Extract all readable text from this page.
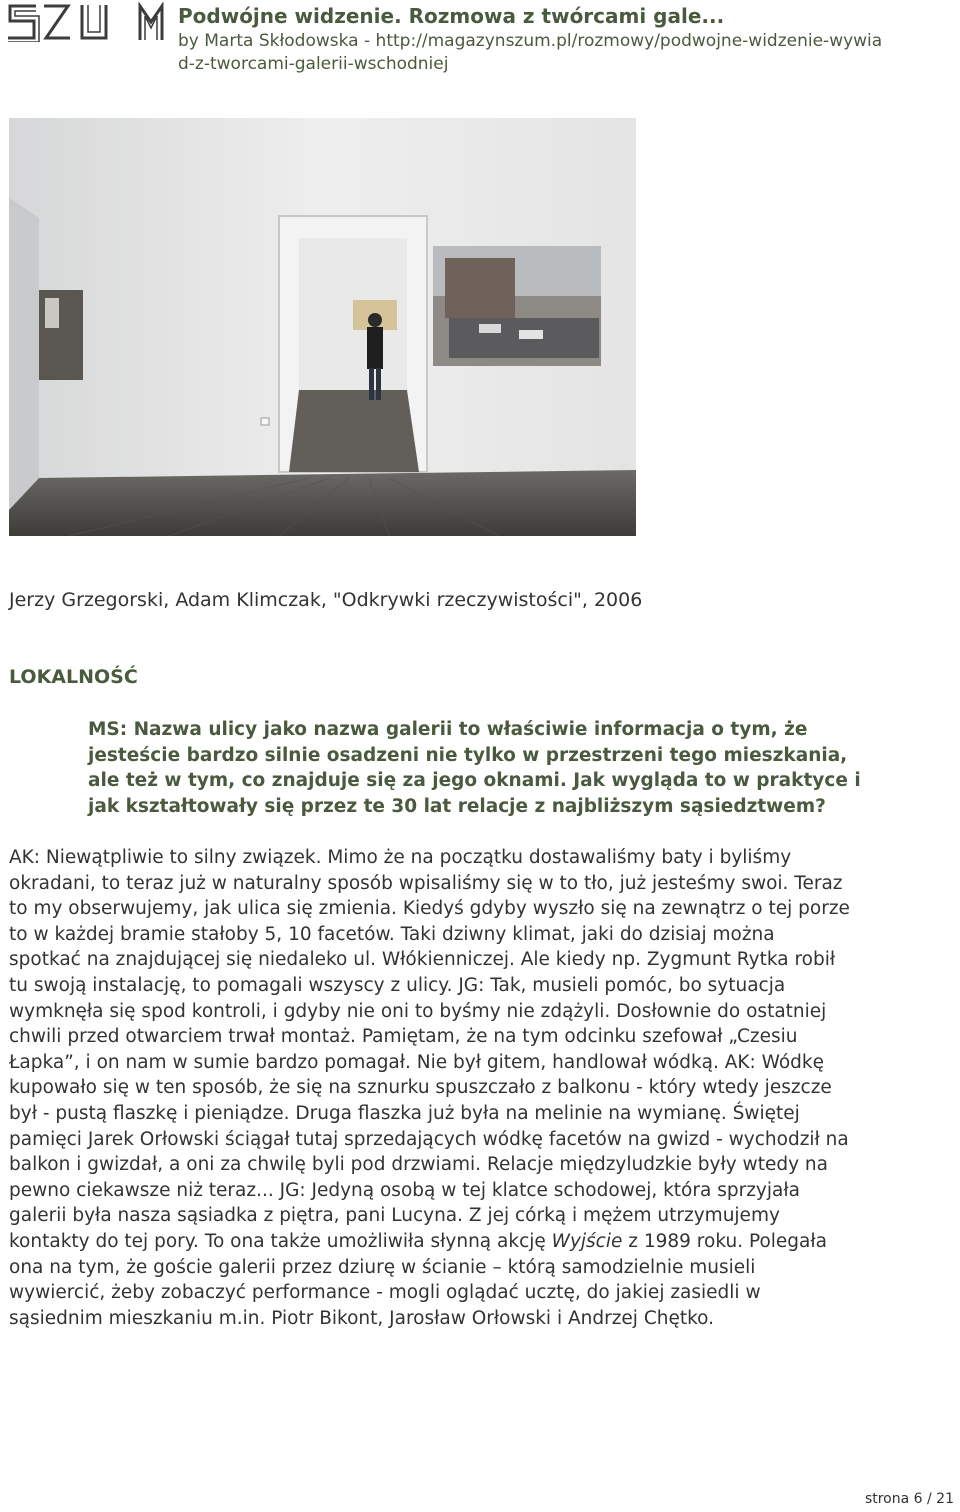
Podwójne widzenie. Rozmowa z twórcami gale...
by Marta Skłodowska - http://magazynszum.pl/rozmowy/podwojne-widzenie-wywia
d-z-tworcami-galerii-wschodniej

Jerzy Grzegorski, Adam Klimczak, "Odkrywki rzeczywistości", 2006

LOKALNOŚĆ

MS: Nazwa ulicy jako nazwa galerii to właściwie informacja o tym, że
jesteście bardzo silnie osadzeni nie tylko w przestrzeni tego mieszkania,
ale też w tym, co znajduje się za jego oknami. Jak wygląda to w praktyce i
jak kształtowały się przez te 30 lat relacje z najbliższym sąsiedztwem?

AK: Niewątpliwie to silny związek. Mimo że na początku dostawaliśmy baty i byliśmy
okradani, to teraz już w naturalny sposób wpisaliśmy się w to tło, już jesteśmy swoi. Teraz
to my obserwujemy, jak ulica się zmienia. Kiedyś gdyby wyszło się na zewnątrz o tej porze
to w każdej bramie stałoby 5, 10 facetów. Taki dziwny klimat, jaki do dzisiaj można
spotkać na znajdującej się niedaleko ul. Włókienniczej. Ale kiedy np. Zygmunt Rytka robił
tu swoją instalację, to pomagali wszyscy z ulicy. JG: Tak, musieli pomóc, bo sytuacja
wymknęła się spod kontroli, i gdyby nie oni to byśmy nie zdążyli. Dosłownie do ostatniej
chwili przed otwarciem trwał montaż. Pamiętam, że na tym odcinku szefował „Czesiu
Łapka”, i on nam w sumie bardzo pomagał. Nie był gitem, handlował wódką. AK: Wódkę
kupowało się w ten sposób, że się na sznurku spuszczało z balkonu - który wtedy jeszcze
był - pustą flaszkę i pieniądze. Druga flaszka już była na melinie na wymianę. Świętej
pamięci Jarek Orłowski ściągał tutaj sprzedających wódkę facetów na gwizd - wychodził na
balkon i gwizdał, a oni za chwilę byli pod drzwiami. Relacje międzyludzkie były wtedy na
pewno ciekawsze niż teraz... JG: Jedyną osobą w tej klatce schodowej, która sprzyjała
galerii była nasza sąsiadka z piętra, pani Lucyna. Z jej córką i mężem utrzymujemy
kontakty do tej pory. To ona także umożliwiła słynną akcję Wyjście z 1989 roku. Polegała
ona na tym, że goście galerii przez dziurę w ścianie – którą samodzielnie musieli
wywiercić, żeby zobaczyć performance - mogli oglądać ucztę, do jakiej zasiedli w
sąsiednim mieszkaniu m.in. Piotr Bikont, Jarosław Orłowski i Andrzej Chętko.

strona 6 / 21
